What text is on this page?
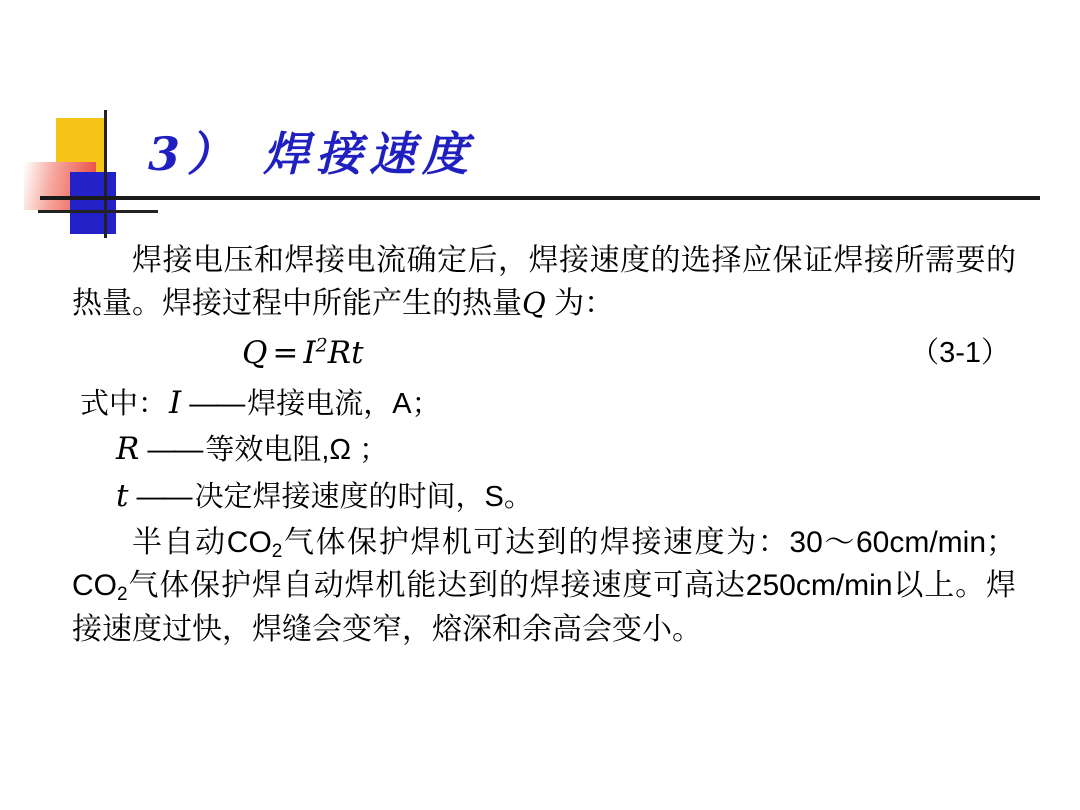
3） 焊接速度

焊接电压和焊接电流确定后，焊接速度的选择应保证焊接所需要的热量。焊接过程中所能产生的热量Q 为：

$Q = I^2Rt$	（3-1）
式中：I —— 焊接电流，A；
R —— 等效电阻,Ω ；
t —— 决定焊接速度的时间，S。

半自动$CO_2$气体保护焊机可达到的焊接速度为：30～60cm/min；$CO_2$气体保护焊自动焊机能达到的焊接速度可高达250cm/min以上。焊接速度过快，焊缝会变窄，熔深和余高会变小。
